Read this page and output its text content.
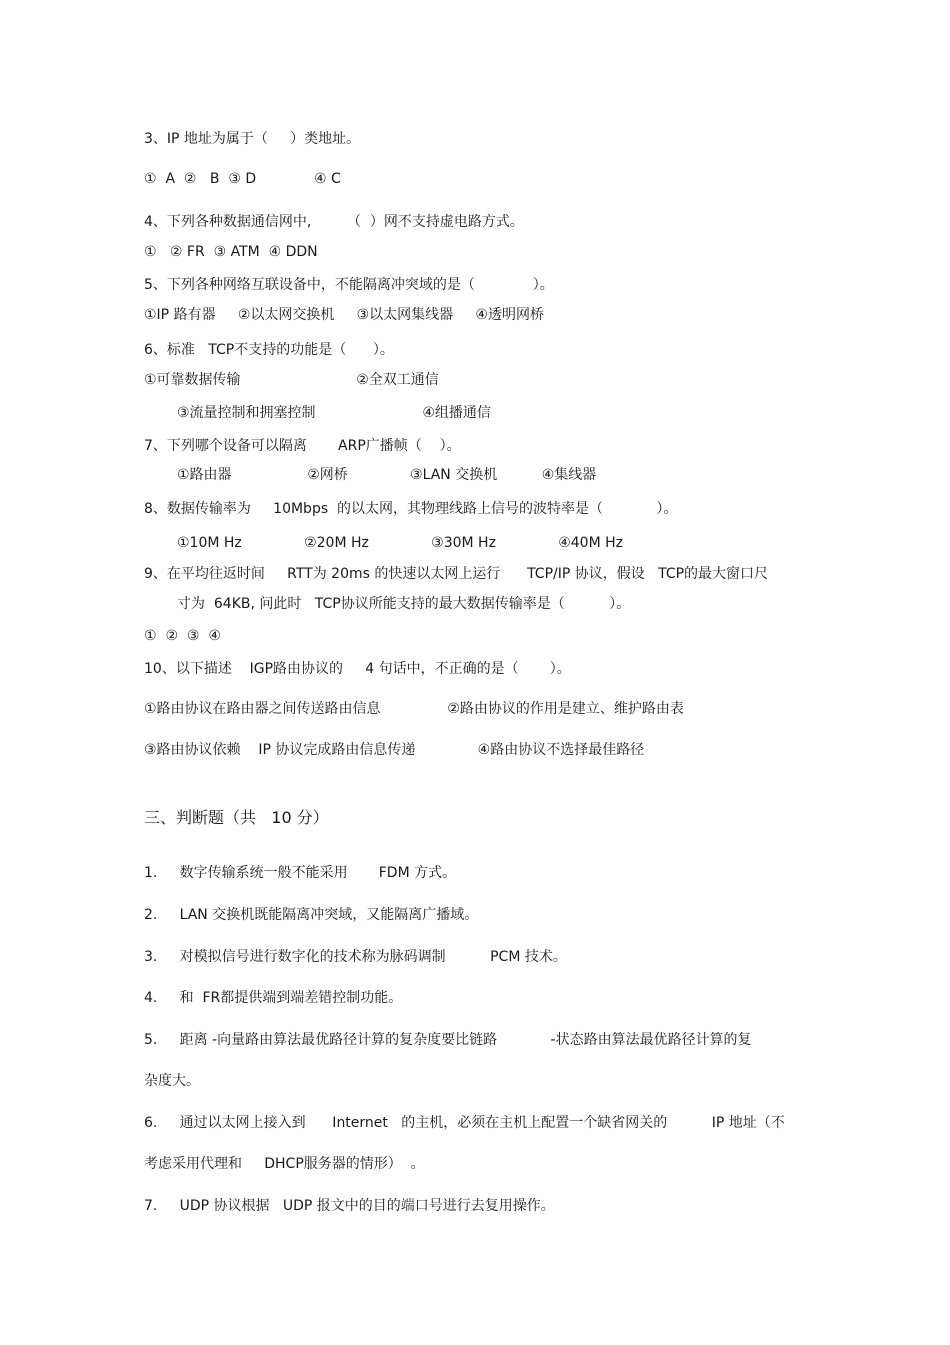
3、IP 地址为属于（     ）类地址。
①  A  ②   B  ③ D             ④ C
4、下列各种数据通信网中,        （  ）网不支持虚电路方式。
①   ② FR  ③ ATM  ④ DDN
5、下列各种网络互联设备中，不能隔离冲突域的是（             ）。
①IP 路有器     ②以太网交换机     ③以太网集线器     ④透明网桥
6、标准   TCP不支持的功能是（      ）。
①可靠数据传输                          ②全双工通信
③流量控制和拥塞控制                        ④组播通信
7、下列哪个设备可以隔离       ARP广播帧（    ）。
①路由器                 ②网桥              ③LAN 交换机          ④集线器
8、数据传输率为     10Mbps  的以太网，其物理线路上信号的波特率是（            ）。
①10M Hz              ②20M Hz              ③30M Hz              ④40M Hz
9、在平均往返时间     RTT为 20ms 的快速以太网上运行      TCP/IP 协议，假设   TCP的最大窗口尺
寸为  64KB, 问此时   TCP协议所能支持的最大数据传输率是（          ）。
①  ②  ③  ④
10、以下描述    IGP路由协议的     4 句话中，不正确的是（       ）。
①路由协议在路由器之间传送路由信息               ②路由协议的作用是建立、维护路由表
③路由协议依赖    IP 协议完成路由信息传递              ④路由协议不选择最佳路径
三、判断题（共   10 分）
1.     数字传输系统一般不能采用       FDM 方式。
2.     LAN 交换机既能隔离冲突域，又能隔离广播域。
3.     对模拟信号进行数字化的技术称为脉码调制          PCM 技术。
4.     和  FR都提供端到端差错控制功能。
5.     距离 -向量路由算法最优路径计算的复杂度要比链路            -状态路由算法最优路径计算的复
杂度大。
6.     通过以太网上接入到      Internet   的主机，必须在主机上配置一个缺省网关的          IP 地址（不
考虑采用代理和     DHCP服务器的情形）  。
7.     UDP 协议根据   UDP 报文中的目的端口号进行去复用操作。
